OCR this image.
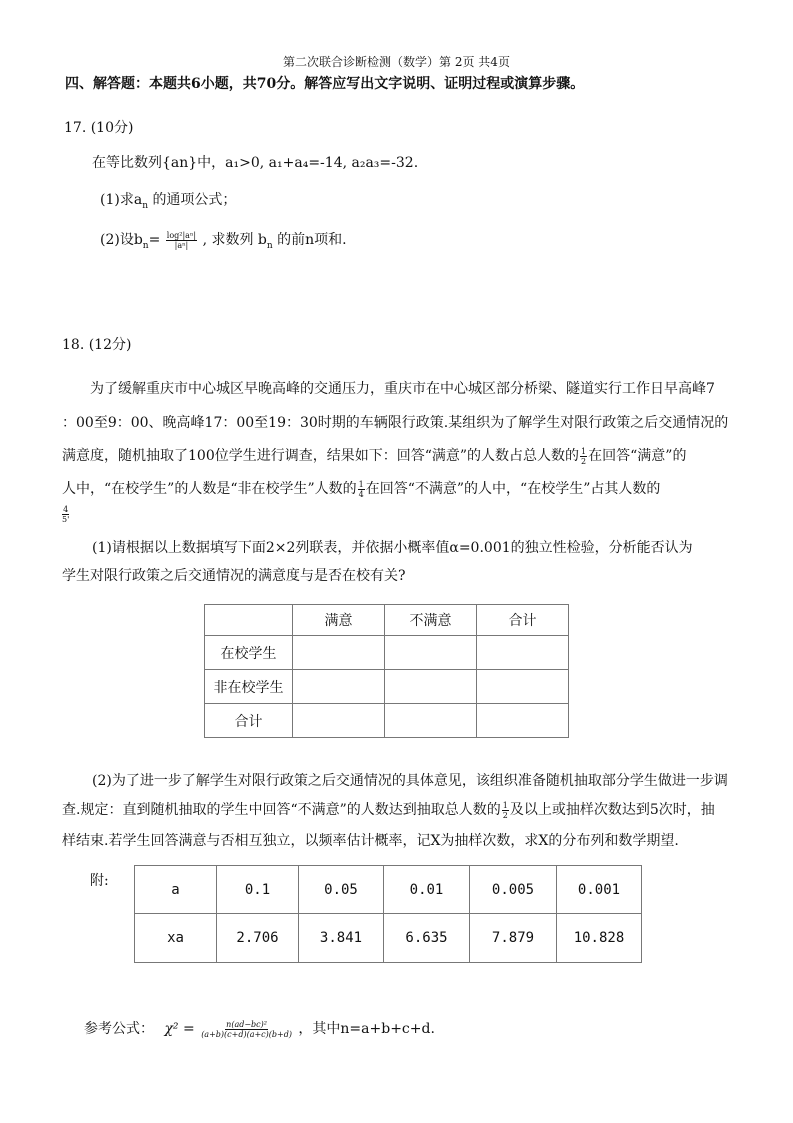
第二次联合诊断检测（数学）第 2页 共4页
四、解答题：本题共6小题，共70分。解答应写出文字说明、证明过程或演算步骤。
17. (10分)
在等比数列{an}中，a₁>0, a₁+a₄=-14, a₂a₃=-32.
(1)求$a_n$ 的通项公式；
(2)设$b_n= \frac{\text{log²|aⁿ|}}{\text{|aⁿ|}}$ , 求数列 $b_n$ 的前n项和.
18. (12分)
为了缓解重庆市中心城区早晚高峰的交通压力，重庆市在中心城区部分桥梁、隧道实行工作日早高峰7
：00至9：00、晚高峰17：00至19：30时期的车辆限行政策.某组织为了解学生对限行政策之后交通情况的
满意度，随机抽取了100位学生进行调查，结果如下：回答“满意”的人数占总人数的 $\frac{1}{2}$ 在回答“满意”的
人中，“在校学生”的人数是“非在校学生”人数的 $\frac{1}{4}$ 在回答“不满意”的人中，“在校学生”占其人数的
$\frac{4}{5'}$
(1)请根据以上数据填写下面2×2列联表，并依据小概率值α=0.001的独立性检验，分析能否认为
学生对限行政策之后交通情况的满意度与是否在校有关?
	满意	不满意	合计
在校学生			
非在校学生			
合计			
(2)为了进一步了解学生对限行政策之后交通情况的具体意见，该组织准备随机抽取部分学生做进一步调
查.规定：直到随机抽取的学生中回答“不满意”的人数达到抽取总人数的 $\frac{1}{2}$ 及以上或抽样次数达到5次时，抽
样结束.若学生回答满意与否相互独立，以频率估计概率，记X为抽样次数，求X的分布列和数学期望.
附:
a	0.1	0.05	0.01	0.005	0.001
xa	2.706	3.841	6.635	7.879	10.828
参考公式： $\chi^2 = \frac{\text{n(ad−bc)²}}{(a+b)(c+d)(a+c)(b+d)}$ ，其中n=a+b+c+d.
